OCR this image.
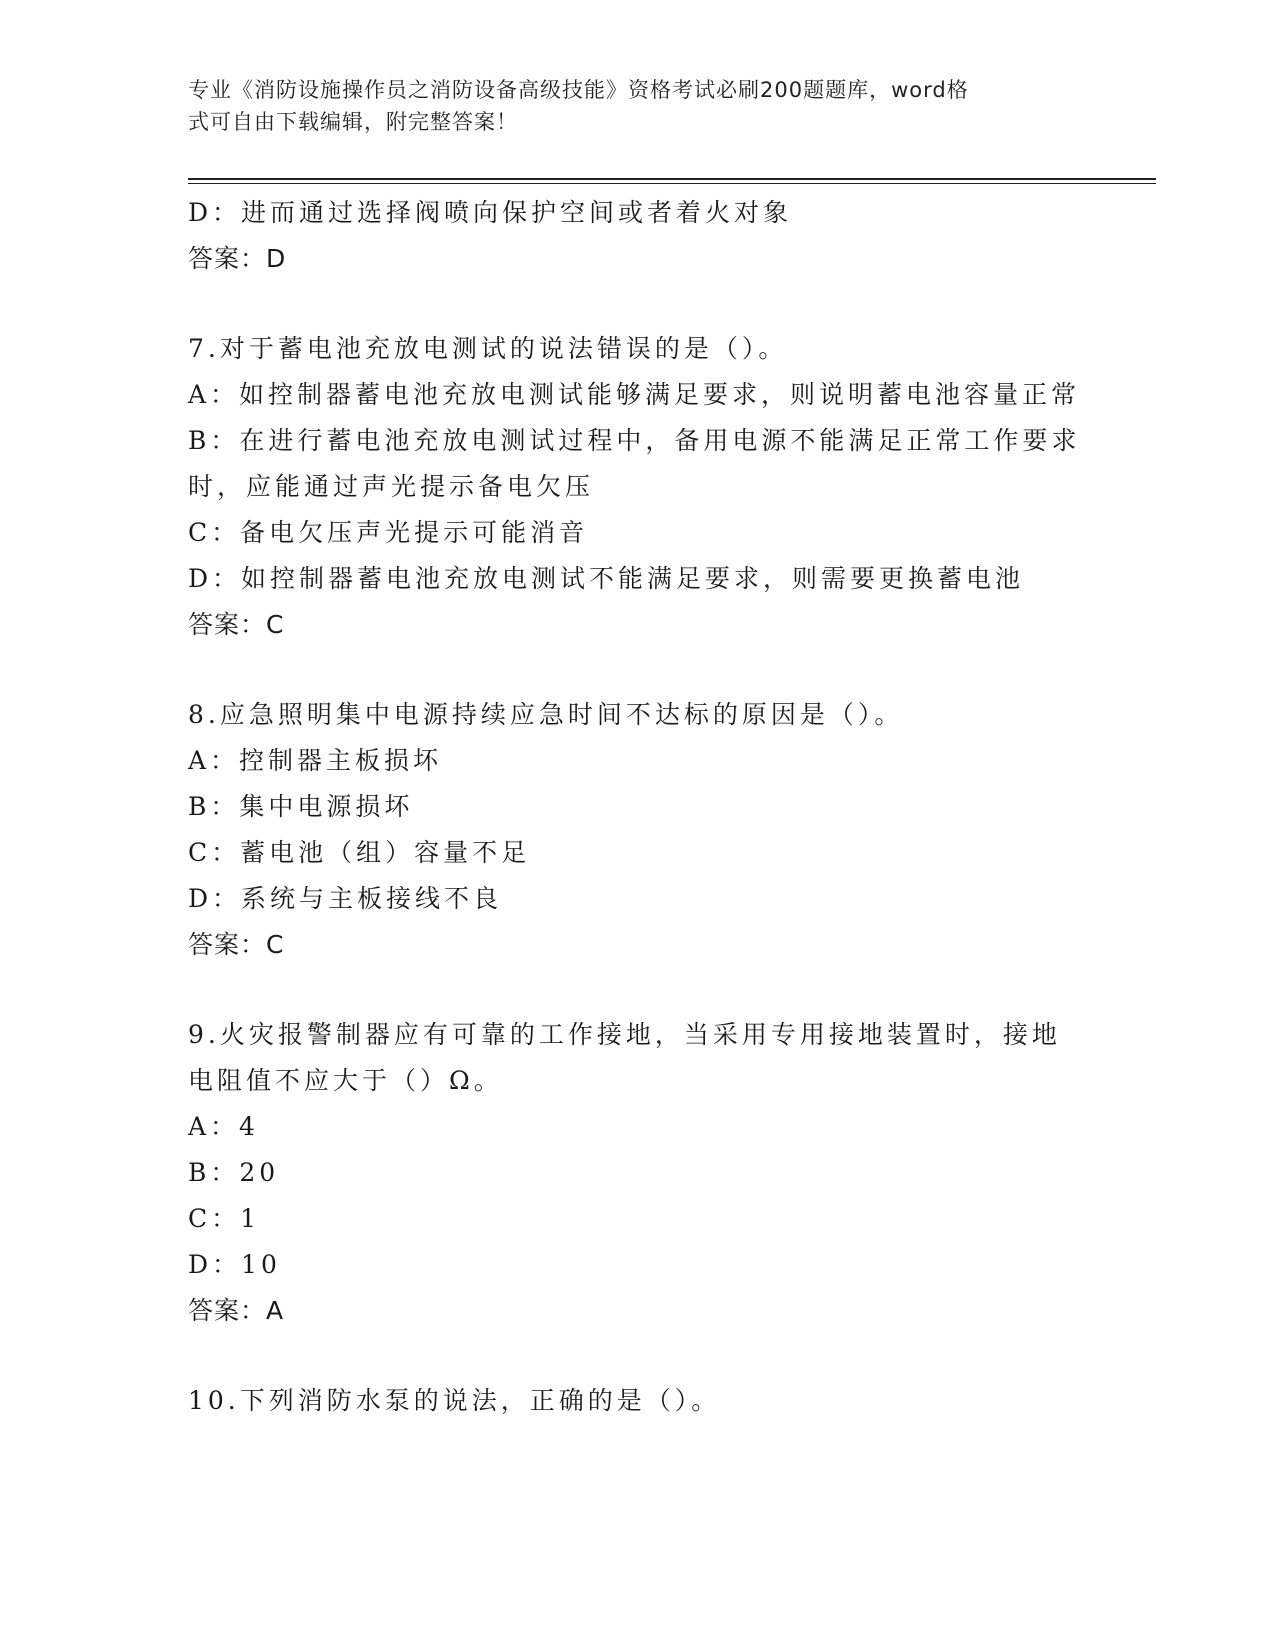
专业《消防设施操作员之消防设备高级技能》资格考试必刷200题题库，word格
式可自由下载编辑，附完整答案！
D：进而通过选择阀喷向保护空间或者着火对象
答案：D
7.对于蓄电池充放电测试的说法错误的是（）。
A：如控制器蓄电池充放电测试能够满足要求，则说明蓄电池容量正常
B：在进行蓄电池充放电测试过程中，备用电源不能满足正常工作要求
时，应能通过声光提示备电欠压
C：备电欠压声光提示可能消音
D：如控制器蓄电池充放电测试不能满足要求，则需要更换蓄电池
答案：C
8.应急照明集中电源持续应急时间不达标的原因是（）。
A：控制器主板损坏
B：集中电源损坏
C：蓄电池（组）容量不足
D：系统与主板接线不良
答案：C
9.火灾报警制器应有可靠的工作接地，当采用专用接地装置时，接地
电阻值不应大于（）Ω。
A：4
B：20
C：1
D：10
答案：A
10.下列消防水泵的说法，正确的是（）。
